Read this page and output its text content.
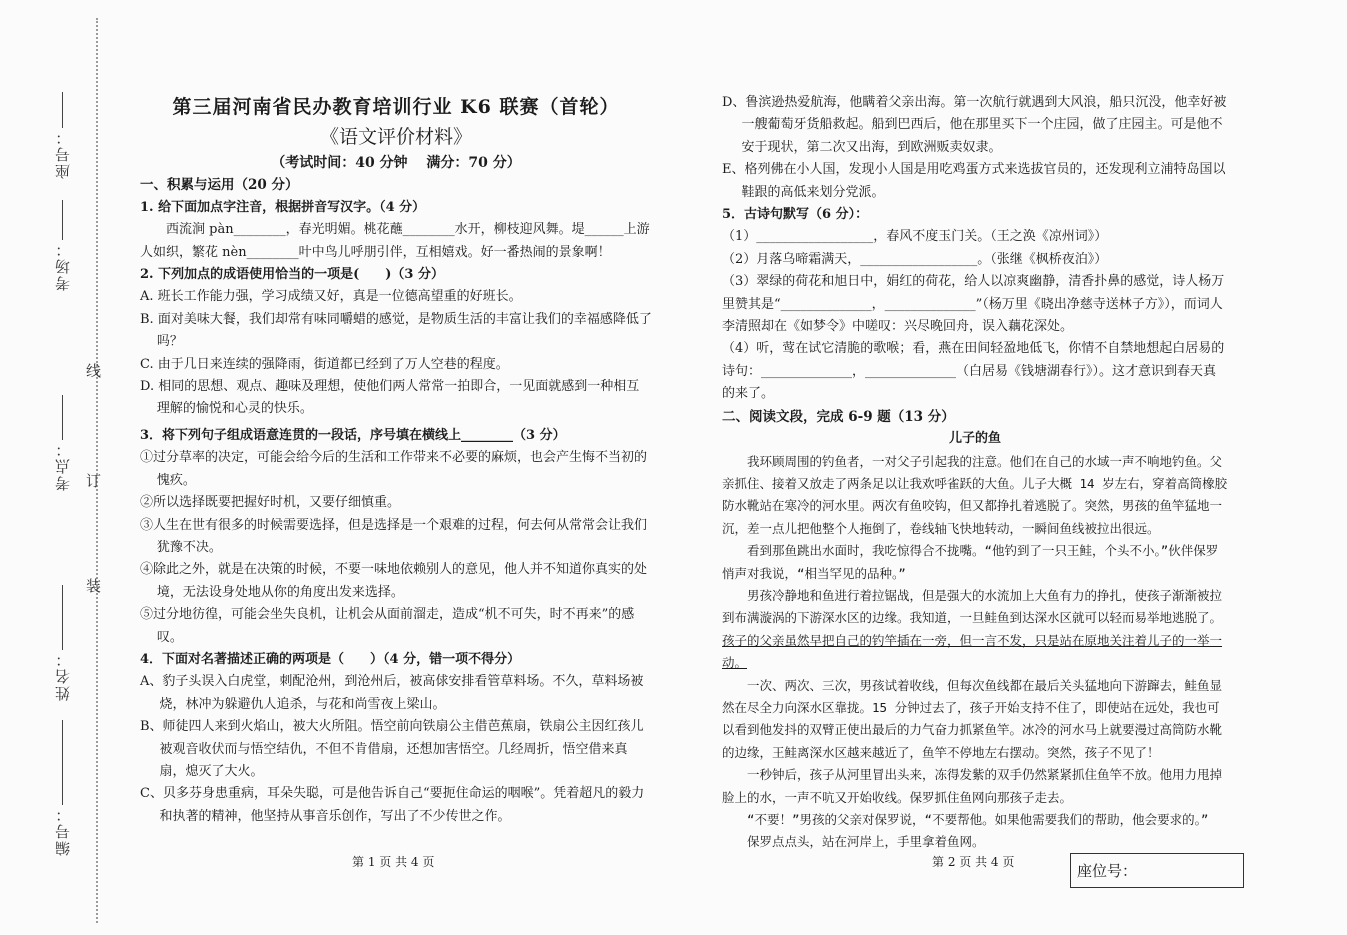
座号：
考场：
考点：
姓名：
编号：
线
订
装

第三届河南省民办教育培训行业 K6 联赛（首轮）

《语文评价材料》

（考试时间：40 分钟　 满分：70 分）

一、积累与运用（20 分）

1. 给下面加点字注音，根据拼音写汉字。（4 分）

西流涧 pàn________，春光明媚。桃花蘸________水开，柳枝迎风舞。堤______上游

人如织，繁花 nèn________叶中鸟儿呼朋引伴，互相嬉戏。好一番热闹的景象啊！

2. 下列加点的成语使用恰当的一项是(　　)（3 分）

A. 班长工作能力强，学习成绩又好，真是一位德高望重的好班长。

B. 面对美味大餐，我们却常有味同嚼蜡的感觉，是物质生活的丰富让我们的幸福感降低了吗？

C. 由于几日来连续的强降雨，街道都已经到了万人空巷的程度。

D. 相同的思想、观点、趣味及理想，使他们两人常常一拍即合，一见面就感到一种相互理解的愉悦和心灵的快乐。

3．将下列句子组成语意连贯的一段话，序号填在横线上________（3 分）

①过分草率的决定，可能会给今后的生活和工作带来不必要的麻烦，也会产生悔不当初的愧疚。

②所以选择既要把握好时机，又要仔细慎重。

③人生在世有很多的时候需要选择，但是选择是一个艰难的过程，何去何从常常会让我们犹豫不决。

④除此之外，就是在决策的时候，不要一味地依赖别人的意见，他人并不知道你真实的处境，无法设身处地从你的角度出发来选择。

⑤过分地彷徨，可能会坐失良机，让机会从面前溜走，造成“机不可失，时不再来”的感叹。

4．下面对名著描述正确的两项是（　　）（4 分，错一项不得分）

A、豹子头误入白虎堂，刺配沧州，到沧州后，被高俅安排看管草料场。不久，草料场被烧，林冲为躲避仇人追杀，与花和尚雪夜上梁山。

B、师徒四人来到火焰山，被大火所阻。悟空前向铁扇公主借芭蕉扇，铁扇公主因红孩儿被观音收伏而与悟空结仇，不但不肯借扇，还想加害悟空。几经周折，悟空借来真扇，熄灭了大火。

C、贝多芬身患重病，耳朵失聪，可是他告诉自己“要扼住命运的咽喉”。凭着超凡的毅力和执著的精神，他坚持从事音乐创作，写出了不少传世之作。

第 1 页 共 4 页

D、鲁滨逊热爱航海，他瞒着父亲出海。第一次航行就遇到大风浪，船只沉没，他幸好被一艘葡萄牙货船救起。船到巴西后，他在那里买下一个庄园，做了庄园主。可是他不安于现状，第二次又出海，到欧洲贩卖奴隶。

E、格列佛在小人国，发现小人国是用吃鸡蛋方式来选拔官员的，还发现利立浦特岛国以鞋跟的高低来划分党派。

5．古诗句默写（6 分）：

（1）__________________，春风不度玉门关。（王之涣《凉州词》）

（2）月落乌啼霜满天，__________________。（张继《枫桥夜泊》）

（3）翠绿的荷花和旭日中，娟红的荷花，给人以凉爽幽静，清香扑鼻的感觉，诗人杨万里赞其是“______________，______________”（杨万里《晓出净慈寺送林子方》），而词人李清照却在《如梦令》中嗟叹：兴尽晚回舟，误入藕花深处。

（4）听，莺在试它清脆的歌喉；看，燕在田间轻盈地低飞，你情不自禁地想起白居易的诗句：______________，______________（白居易《钱塘湖春行》）。这才意识到春天真的来了。

二、阅读文段，完成 6-9 题（13 分）

儿子的鱼

我环顾周围的钓鱼者，一对父子引起我的注意。他们在自己的水域一声不响地钓鱼。父亲抓住、接着又放走了两条足以让我欢呼雀跃的大鱼。儿子大概 14 岁左右，穿着高筒橡胶防水靴站在寒冷的河水里。两次有鱼咬钩，但又都挣扎着逃脱了。突然，男孩的鱼竿猛地一沉，差一点儿把他整个人拖倒了，卷线轴飞快地转动，一瞬间鱼线被拉出很远。

看到那鱼跳出水面时，我吃惊得合不拢嘴。“他钓到了一只王鲑，个头不小。”伙伴保罗悄声对我说，“相当罕见的品种。”

男孩冷静地和鱼进行着拉锯战，但是强大的水流加上大鱼有力的挣扎，使孩子渐渐被拉到布满漩涡的下游深水区的边缘。我知道，一旦鲑鱼到达深水区就可以轻而易举地逃脱了。孩子的父亲虽然早把自己的钓竿插在一旁，但一言不发，只是站在原地关注着儿子的一举一动。

一次、两次、三次，男孩试着收线，但每次鱼线都在最后关头猛地向下游蹿去，鲑鱼显然在尽全力向深水区靠拢。15 分钟过去了，孩子开始支持不住了，即使站在远处，我也可以看到他发抖的双臂正使出最后的力气奋力抓紧鱼竿。冰冷的河水马上就要漫过高筒防水靴的边缘，王鲑离深水区越来越近了，鱼竿不停地左右摆动。突然，孩子不见了！

一秒钟后，孩子从河里冒出头来，冻得发紫的双手仍然紧紧抓住鱼竿不放。他用力甩掉脸上的水，一声不吭又开始收线。保罗抓住鱼网向那孩子走去。

“不要！”男孩的父亲对保罗说，“不要帮他。如果他需要我们的帮助，他会要求的。”

保罗点点头，站在河岸上，手里拿着鱼网。

第 2 页 共 4 页	座位号：
